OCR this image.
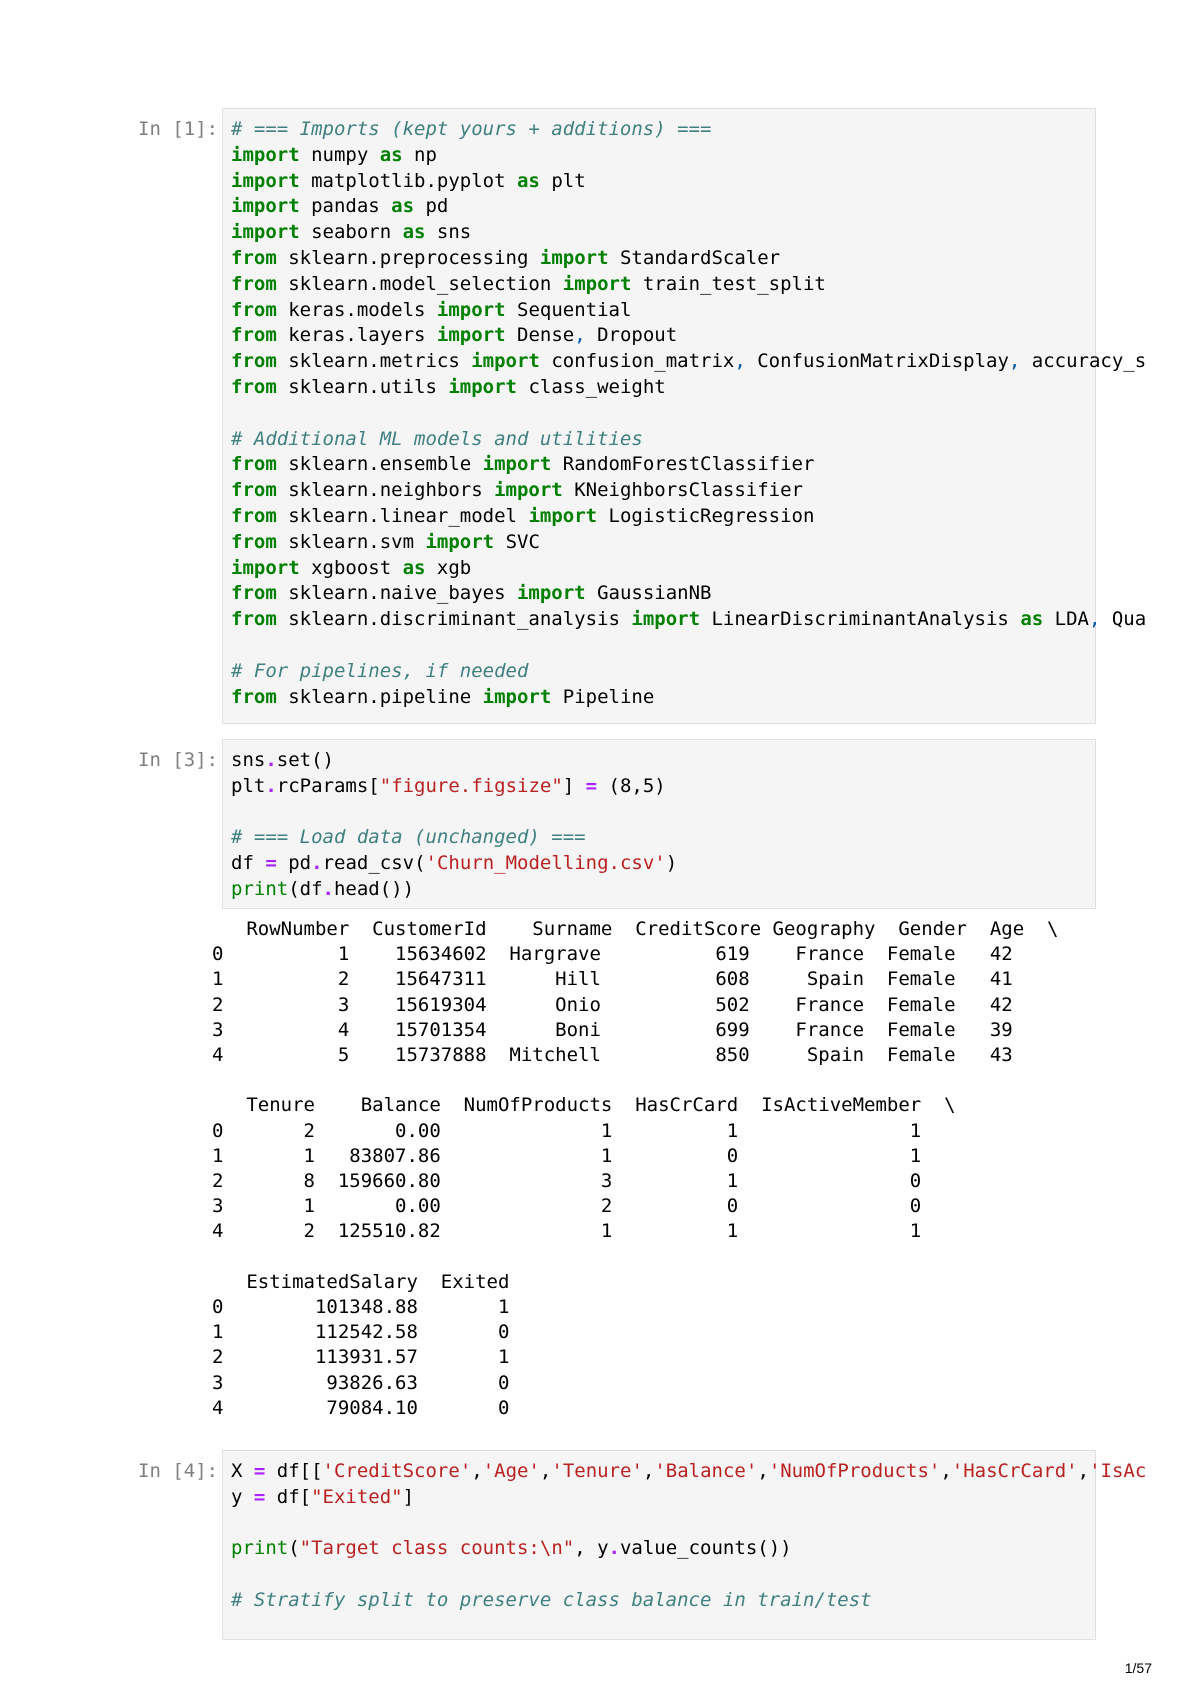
In [1]: # === Imports (kept yours + additions) ===
import numpy as np
import matplotlib.pyplot as plt
import pandas as pd
import seaborn as sns
from sklearn.preprocessing import StandardScaler
from sklearn.model_selection import train_test_split
from keras.models import Sequential
from keras.layers import Dense, Dropout
from sklearn.metrics import confusion_matrix, ConfusionMatrixDisplay, accuracy_s
from sklearn.utils import class_weight
# Additional ML models and utilities
from sklearn.ensemble import RandomForestClassifier
from sklearn.neighbors import KNeighborsClassifier
from sklearn.linear_model import LogisticRegression
from sklearn.svm import SVC
import xgboost as xgb
from sklearn.naive_bayes import GaussianNB
from sklearn.discriminant_analysis import LinearDiscriminantAnalysis as LDA, Qua
# For pipelines, if needed
from sklearn.pipeline import Pipeline
In [3]: sns.set()
plt.rcParams["figure.figsize"] = (8,5)
# === Load data (unchanged) ===
df = pd.read_csv('Churn_Modelling.csv')
print(df.head())
RowNumber  CustomerId    Surname  CreditScore Geography  Gender  Age  \
0          1    15634602  Hargrave          619    France  Female   42
1          2    15647311      Hill          608     Spain  Female   41
2          3    15619304      Onio          502    France  Female   42
3          4    15701354      Boni          699    France  Female   39
4          5    15737888  Mitchell          850     Spain  Female   43

Tenure    Balance  NumOfProducts  HasCrCard  IsActiveMember  \
0       2       0.00              1          1               1
1       1   83807.86              1          0               1
2       8  159660.80              3          1               0
3       1       0.00              2          0               0
4       2  125510.82              1          1               1

EstimatedSalary  Exited
0        101348.88       1
1        112542.58       0
2        113931.57       1
3         93826.63       0
4         79084.10       0
In [4]: X = df[['CreditScore','Age','Tenure','Balance','NumOfProducts','HasCrCard','IsAc
y = df["Exited"]
print("Target class counts:\n", y.value_counts())
# Stratify split to preserve class balance in train/test
1/57
